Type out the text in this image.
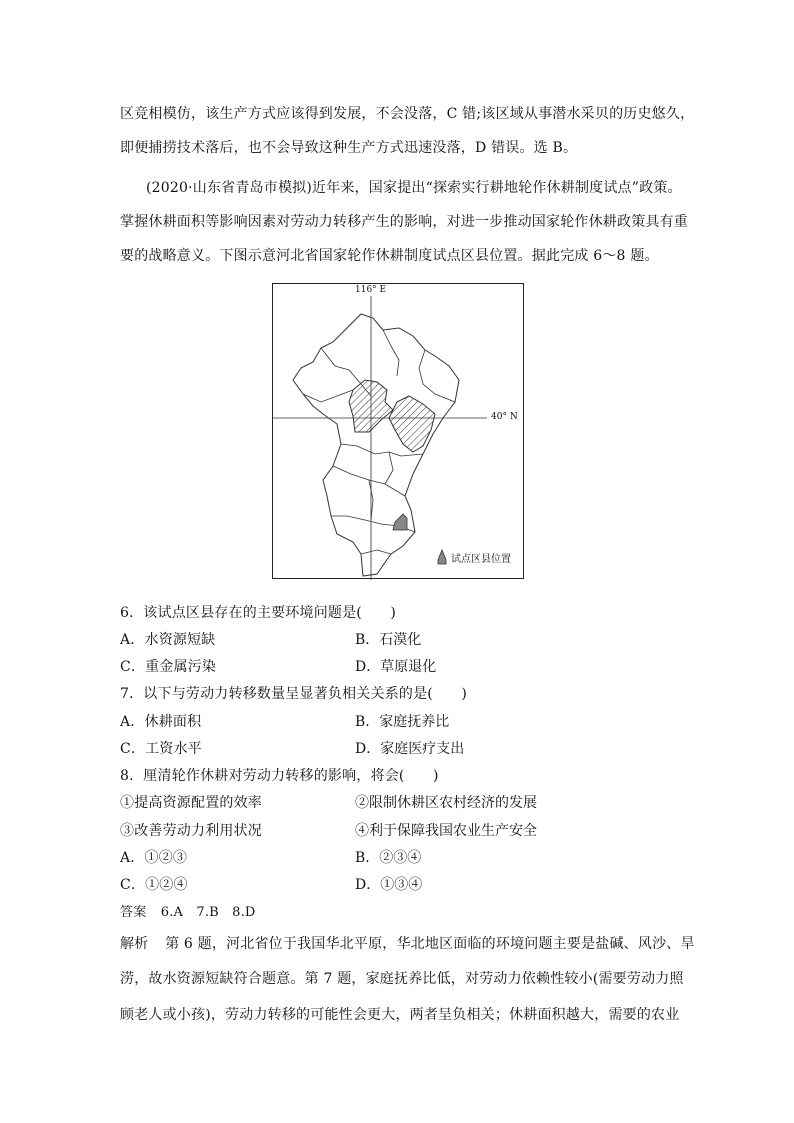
区竞相模仿，该生产方式应该得到发展，不会没落，C 错;该区域从事潜水采贝的历史悠久，
即便捕捞技术落后，也不会导致这种生产方式迅速没落，D 错误。选 B。
(2020·山东省青岛市模拟)近年来，国家提出“探索实行耕地轮作休耕制度试点”政策。
掌握休耕面积等影响因素对劳动力转移产生的影响，对进一步推动国家轮作休耕政策具有重
要的战略意义。下图示意河北省国家轮作休耕制度试点区县位置。据此完成 6～8 题。
116° E
40° N
试点区县位置
6．该试点区县存在的主要环境问题是(　　)
A．水资源短缺	B．石漠化
C．重金属污染	D．草原退化
7．以下与劳动力转移数量呈显著负相关关系的是(　　)
A．休耕面积	B．家庭抚养比
C．工资水平	D．家庭医疗支出
8．厘清轮作休耕对劳动力转移的影响，将会(　　)
①提高资源配置的效率	②限制休耕区农村经济的发展
③改善劳动力利用状况	④利于保障我国农业生产安全
A．①②③	B．②③④
C．①②④	D．①③④
答案 6.A　7.B　8.D
解析 第 6 题，河北省位于我国华北平原，华北地区面临的环境问题主要是盐碱、风沙、旱
涝，故水资源短缺符合题意。第 7 题，家庭抚养比低，对劳动力依赖性较小(需要劳动力照
顾老人或小孩)，劳动力转移的可能性会更大，两者呈负相关；休耕面积越大，需要的农业
